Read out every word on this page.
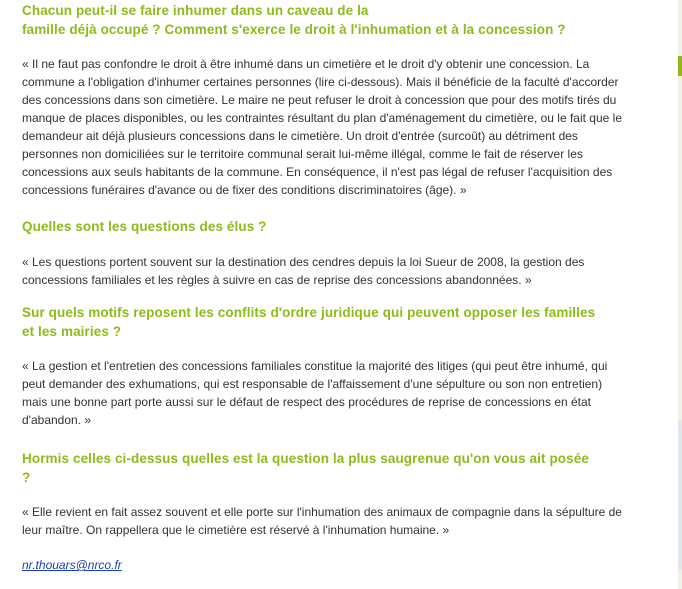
Chacun peut-il se faire inhumer dans un caveau de la
famille déjà occupé ? Comment s'exerce le droit à l'inhumation et à la concession ?

« Il ne faut pas confondre le droit à être inhumé dans un cimetière et le droit d'y obtenir une concession. La
commune a l'obligation d'inhumer certaines personnes (lire ci-dessous). Mais il bénéficie de la faculté d'accorder
des concessions dans son cimetière. Le maire ne peut refuser le droit à concession que pour des motifs tirés du
manque de places disponibles, ou les contraintes résultant du plan d'aménagement du cimetière, ou le fait que le
demandeur ait déjà plusieurs concessions dans le cimetière. Un droit d'entrée (surcoût) au détriment des
personnes non domiciliées sur le territoire communal serait lui-même illégal, comme le fait de réserver les
concessions aux seuls habitants de la commune. En conséquence, il n'est pas légal de refuser l'acquisition des
concessions funéraires d'avance ou de fixer des conditions discriminatoires (âge). »

Quelles sont les questions des élus ?

« Les questions portent souvent sur la destination des cendres depuis la loi Sueur de 2008, la gestion des
concessions familiales et les règles à suivre en cas de reprise des concessions abandonnées. »

Sur quels motifs reposent les conflits d'ordre juridique qui peuvent opposer les familles
et les mairies ?

« La gestion et l'entretien des concessions familiales constitue la majorité des litiges (qui peut être inhumé, qui
peut demander des exhumations, qui est responsable de l'affaissement d'une sépulture ou son non entretien)
mais une bonne part porte aussi sur le défaut de respect des procédures de reprise de concessions en état
d'abandon. »

Hormis celles ci-dessus quelles est la question la plus saugrenue qu'on vous ait posée
?

« Elle revient en fait assez souvent et elle porte sur l'inhumation des animaux de compagnie dans la sépulture de
leur maître. On rappellera que le cimetière est réservé à l'inhumation humaine. »

nr.thouars@nrco.fr
